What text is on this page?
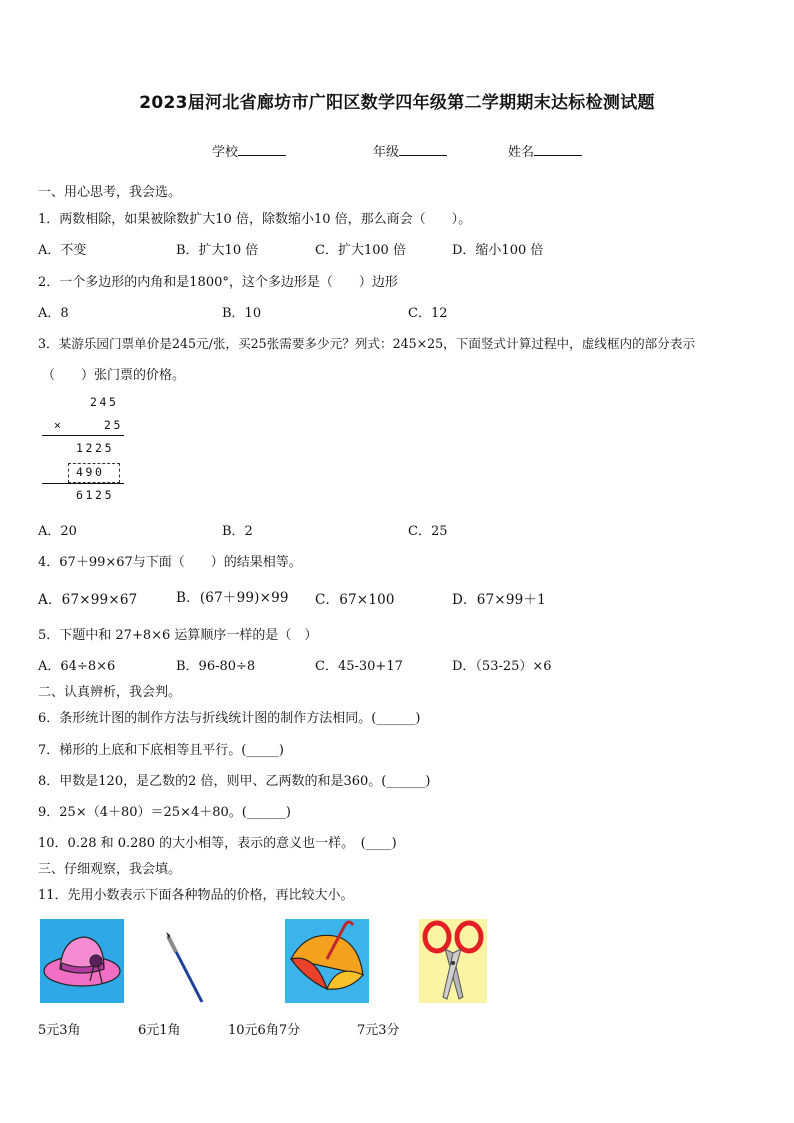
2023届河北省廊坊市广阳区数学四年级第二学期期末达标检测试题
学校	年级	姓名
一、用心思考，我会选。
1．两数相除，如果被除数扩大10 倍，除数缩小10 倍，那么商会（　　）。
A．不变	B．扩大10 倍	C．扩大100 倍	D．缩小100 倍
2．一个多边形的内角和是1800°，这个多边形是（　　）边形
A．8	B．10	C．12
3．某游乐园门票单价是245元/张，买25张需要多少元？列式：245×25，下面竖式计算过程中，虚线框内的部分表示
（　　）张门票的价格。
245
×	25
1225
490
6125
A．20	B．2	C．25
4．67＋99×67与下面（　　）的结果相等。
A．67×99×67	B．(67＋99)×99 C．67×100	D．67×99＋1
5．下题中和 27+8×6 运算顺序一样的是（　）
A．64÷8×6	B．96-80÷8	C．45-30+17	D．（53-25）×6
二、认真辨析，我会判。
6．条形统计图的制作方法与折线统计图的制作方法相同。(______)
7．梯形的上底和下底相等且平行。(_____)
8．甲数是120，是乙数的2 倍，则甲、乙两数的和是360。(______)
9．25×（4＋80）＝25×4＋80。(______)
10．0.28 和 0.280 的大小相等，表示的意义也一样。　(____)
三、仔细观察，我会填。
11．先用小数表示下面各种物品的价格，再比较大小。
5元3角	6元1角	10元6角7分	7元3分
